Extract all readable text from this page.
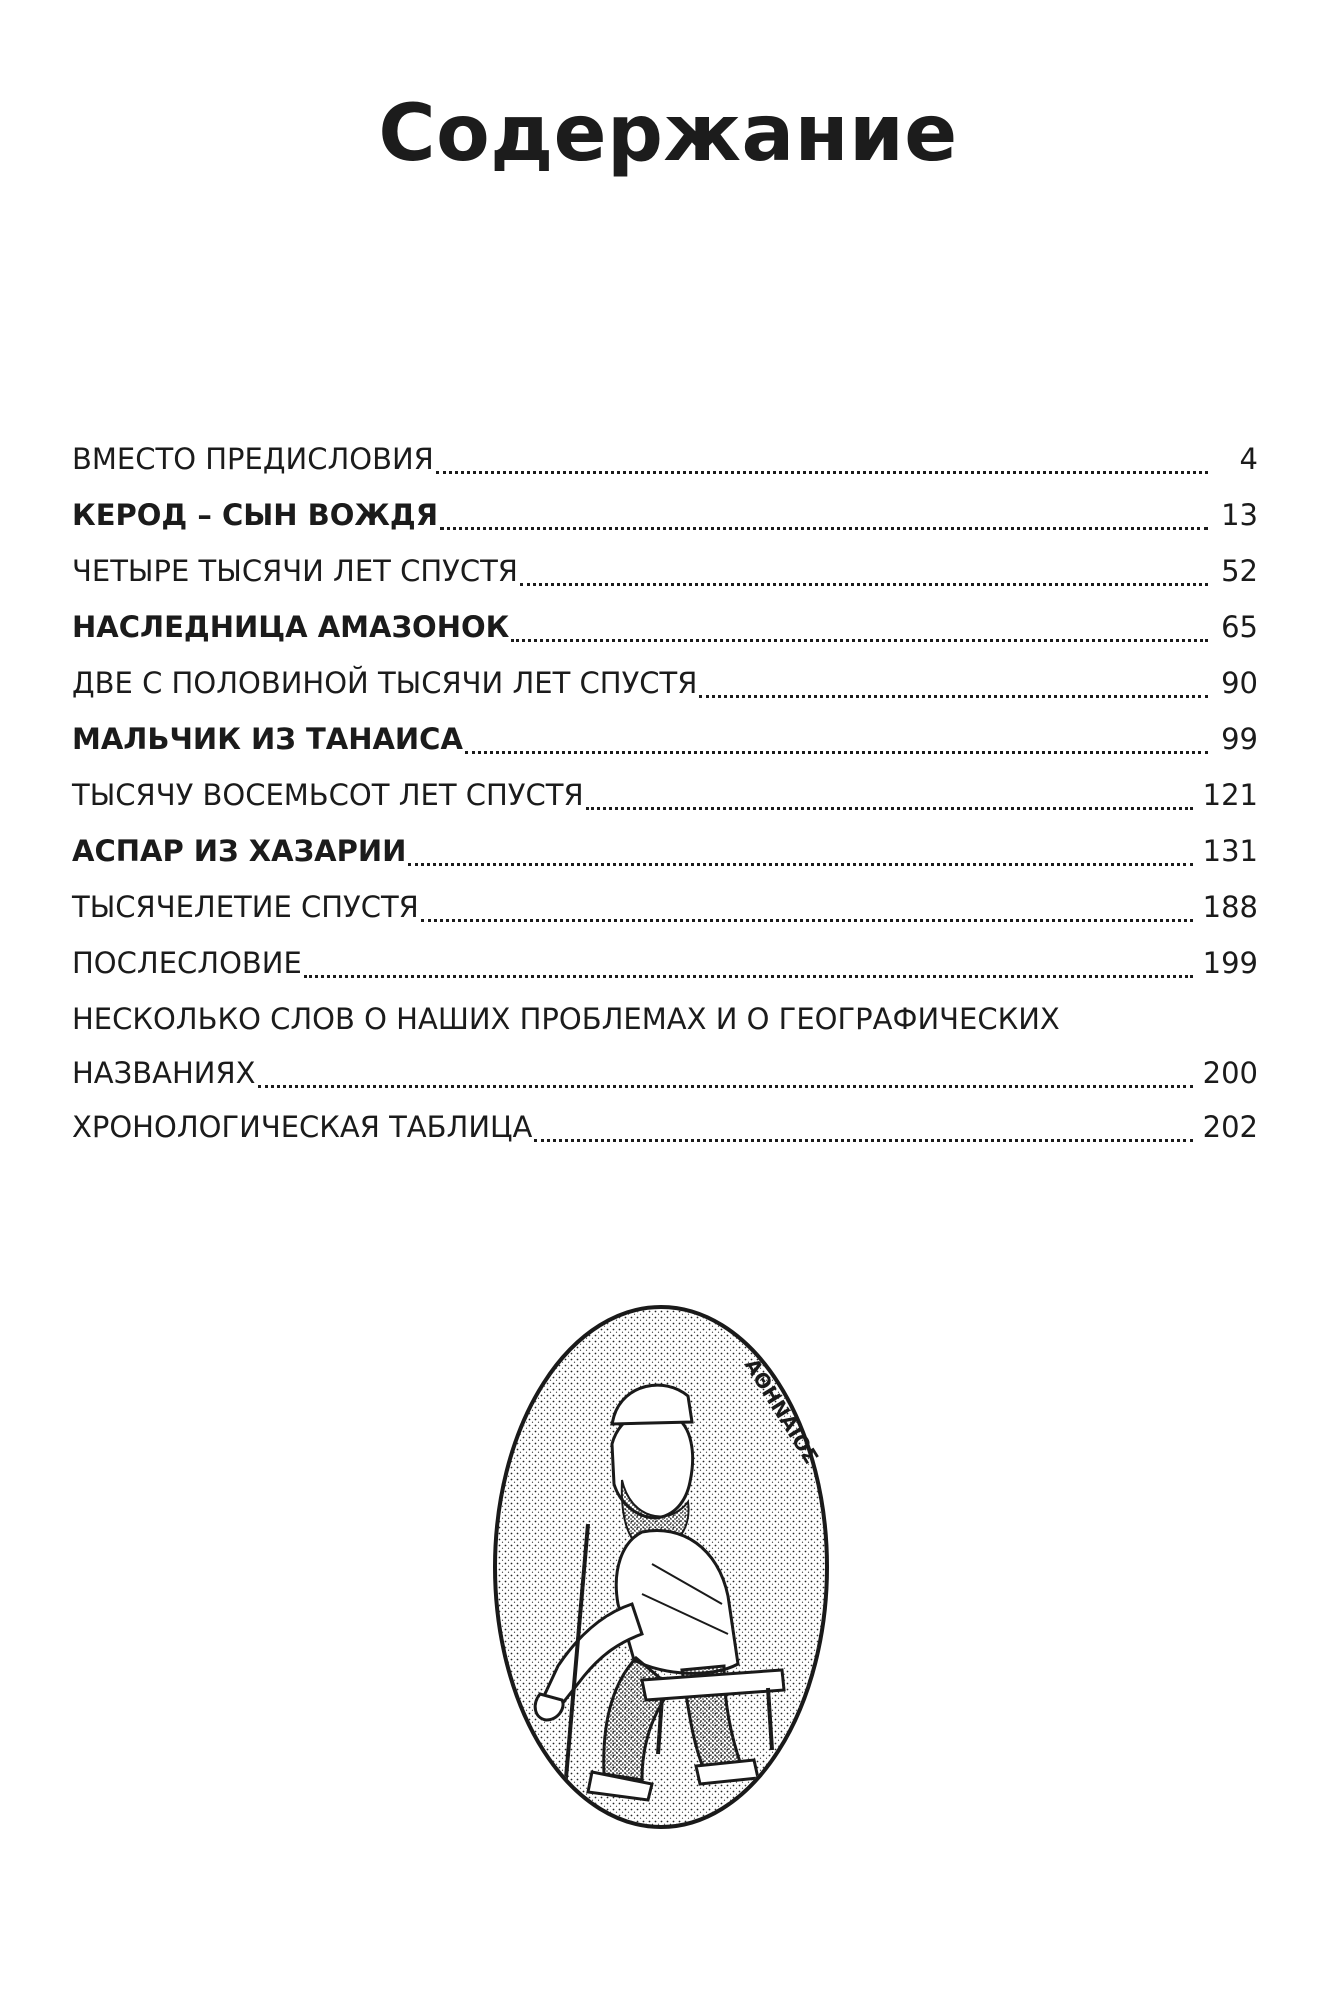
Содержание
ВМЕСТО ПРЕДИСЛОВИЯ	4
КЕРОД – СЫН ВОЖДЯ	13
ЧЕТЫРЕ ТЫСЯЧИ ЛЕТ СПУСТЯ	52
НАСЛЕДНИЦА АМАЗОНОК	65
ДВЕ С ПОЛОВИНОЙ ТЫСЯЧИ ЛЕТ СПУСТЯ	90
МАЛЬЧИК ИЗ ТАНАИСА	99
ТЫСЯЧУ ВОСЕМЬСОТ ЛЕТ СПУСТЯ	121
АСПАР ИЗ ХАЗАРИИ	131
ТЫСЯЧЕЛЕТИЕ СПУСТЯ	188
ПОСЛЕСЛОВИЕ	199
НЕСКОЛЬКО СЛОВ О НАШИХ ПРОБЛЕМАХ И О ГЕОГРАФИЧЕСКИХ
НАЗВАНИЯХ	200
ХРОНОЛОГИЧЕСКАЯ ТАБЛИЦА	202
ΑΘΗΝΑΙΟΣ
